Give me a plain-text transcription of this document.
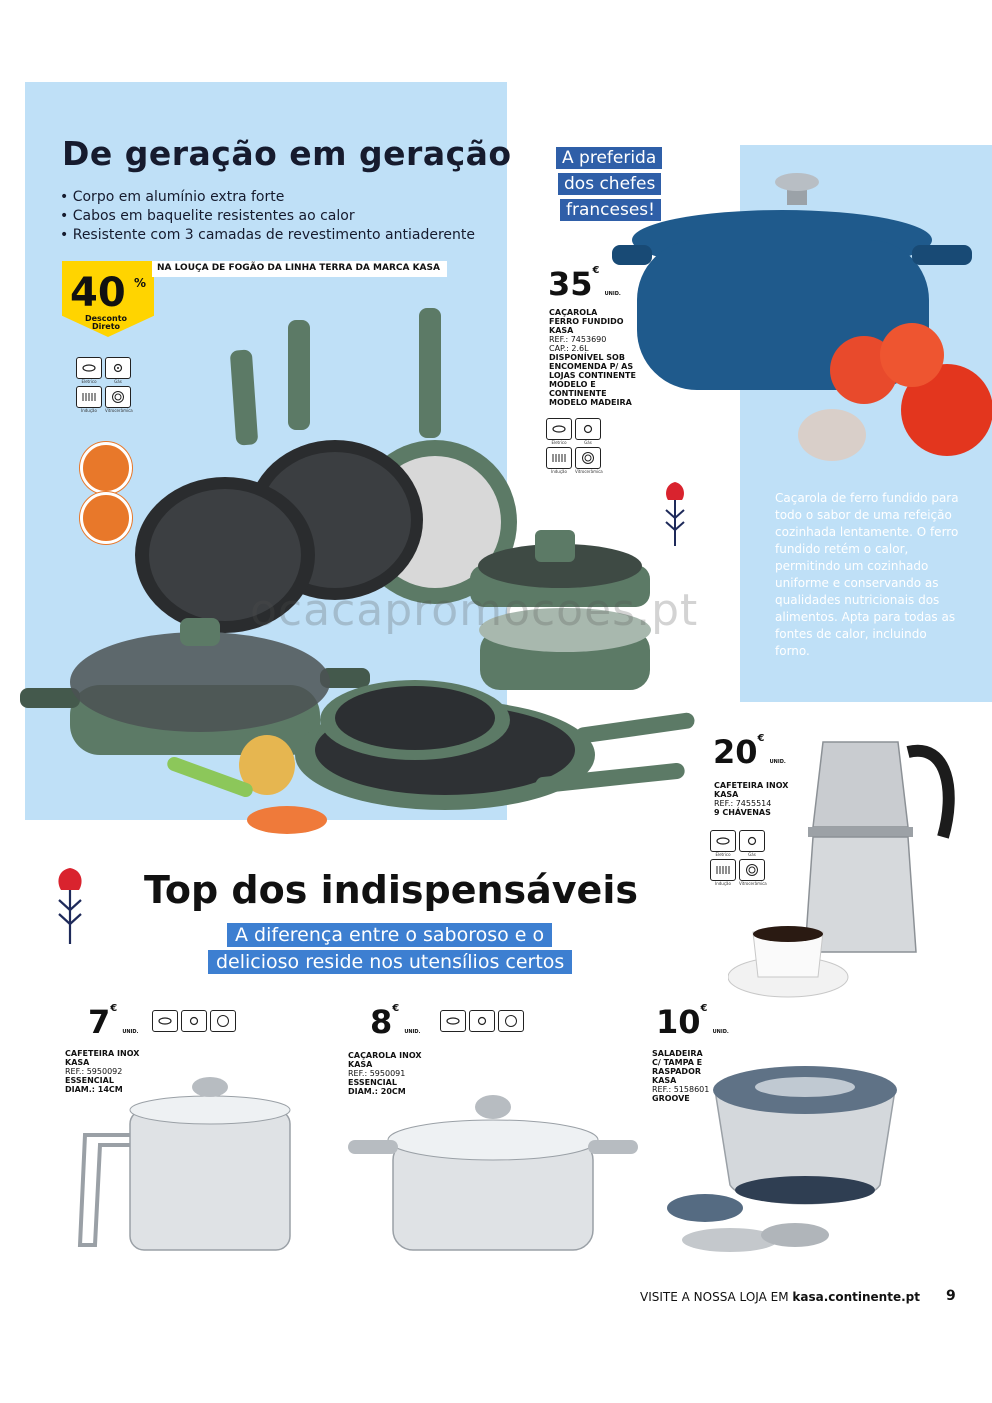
De geração em geração
• Corpo em alumínio extra forte
• Cabos em baquelite resistentes ao calor
• Resistente com 3 camadas de revestimento antiaderente
40 %
Desconto Direto
NA LOUÇA DE FOGÃO DA LINHA TERRA DA MARCA KASA
Eletrico	Gás
Indução	Vitrocerâmica
A preferida
dos chefes
franceses!
35€ UNID.
CAÇAROLA
FERRO FUNDIDO
KASA
REF.: 7453690
CAP.: 2.6L
DISPONÍVEL SOB
ENCOMENDA P/ AS
LOJAS CONTINENTE
MODELO E
CONTINENTE
MODELO MADEIRA
Eletrico	Gás
Indução	Vitrocerâmica
Caçarola de ferro fundido para todo o sabor de uma refeição cozinhada lentamente. O ferro fundido retém o calor, permitindo um cozinhado uniforme e conservando as qualidades nutricionais dos alimentos. Apta para todas as fontes de calor, incluindo forno.
20€ UNID.
CAFETEIRA INOX
KASA
REF.: 7455514
9 CHÁVENAS
Eletrico	Gás
Indução	Vitrocerâmica
ocacapromocoes.pt
Top dos indispensáveis
A diferença entre o saboroso e o
delicioso reside nos utensílios certos
7€ UNID.
CAFETEIRA INOX
KASA
REF.: 5950092
ESSENCIAL
DIAM.: 14CM
8€ UNID.
CAÇAROLA INOX
KASA
REF.: 5950091
ESSENCIAL
DIAM.: 20CM
10€ UNID.
SALADEIRA
C/ TAMPA E
RASPADOR
KASA
REF.: 5158601
GROOVE
VISITE A NOSSA LOJA EM kasa.continente.pt 9
